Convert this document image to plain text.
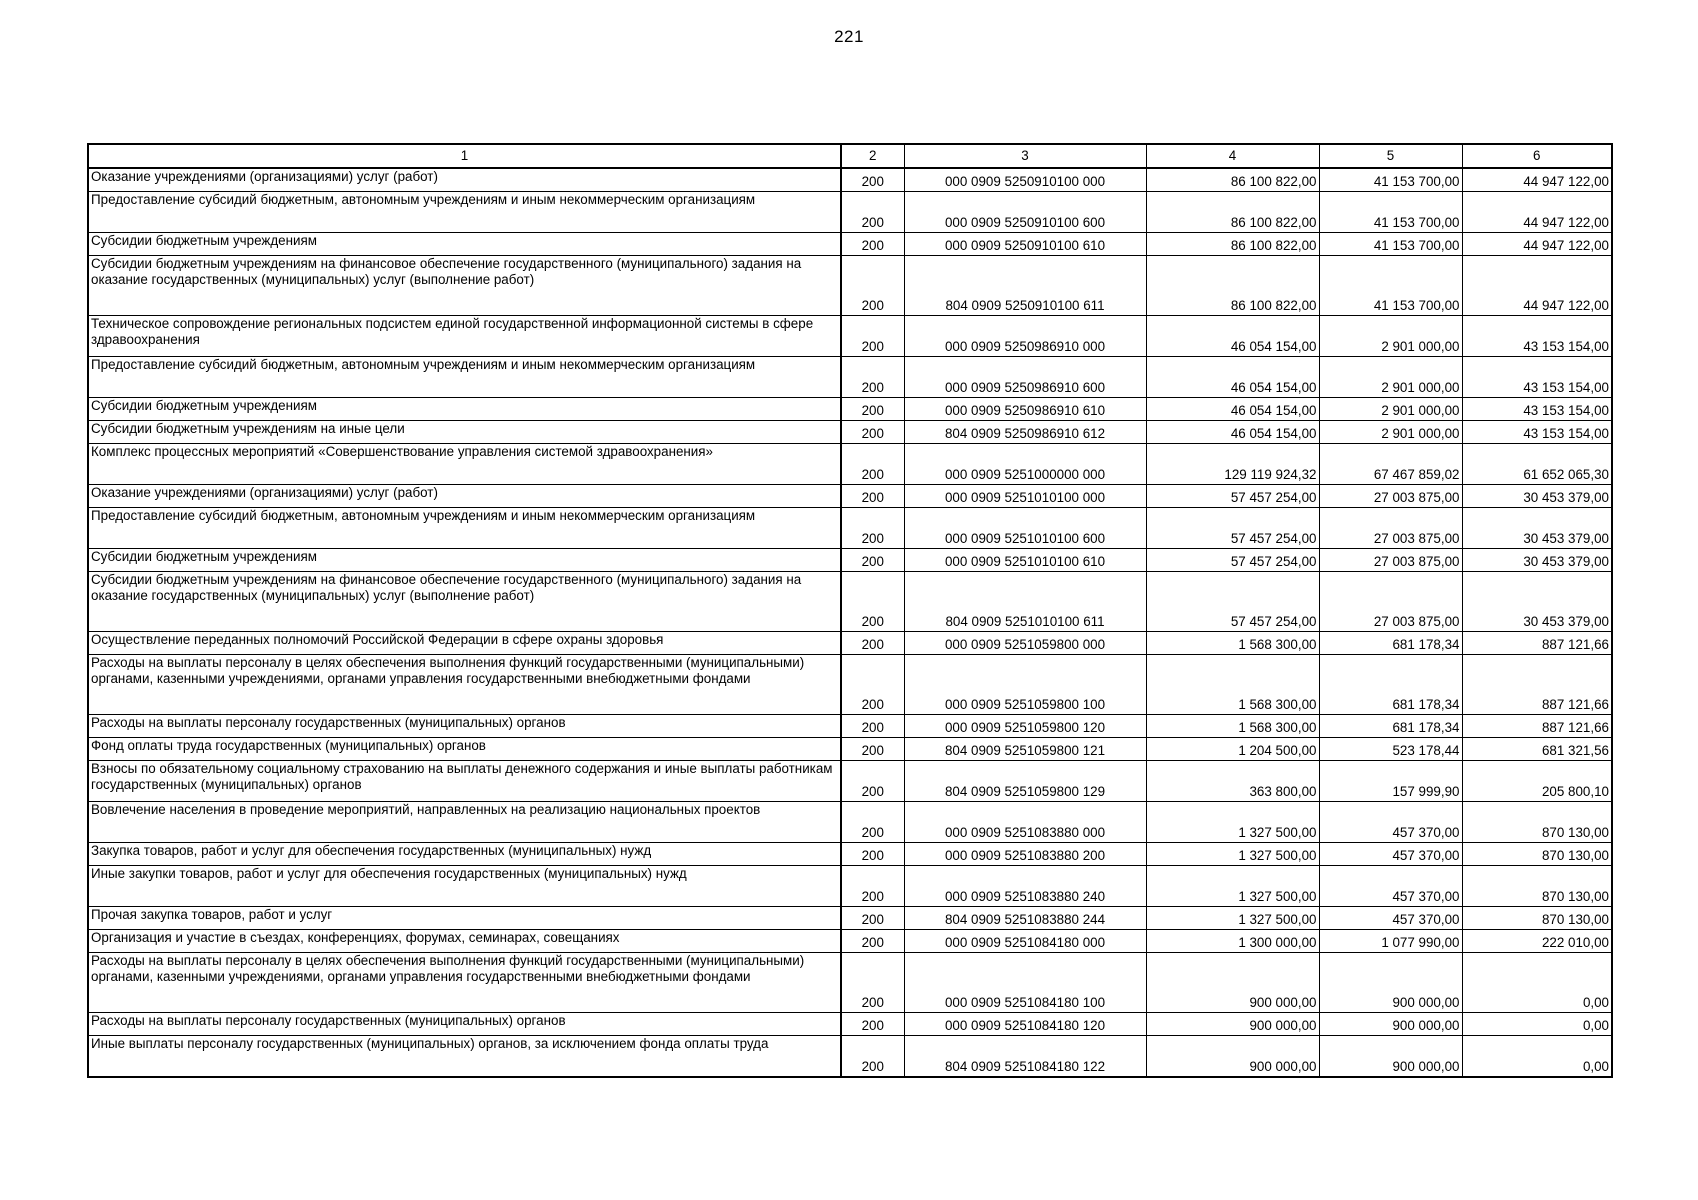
221
1	2	3	4	5	6
Оказание учреждениями (организациями) услуг (работ)	200	000 0909 5250910100 000	86 100 822,00	41 153 700,00	44 947 122,00
Предоставление субсидий бюджетным, автономным учреждениям и иным некоммерческим организациям	200	000 0909 5250910100 600	86 100 822,00	41 153 700,00	44 947 122,00
Субсидии бюджетным учреждениям	200	000 0909 5250910100 610	86 100 822,00	41 153 700,00	44 947 122,00
Субсидии бюджетным учреждениям на финансовое обеспечение государственного (муниципального) задания на оказание государственных (муниципальных) услуг (выполнение работ)	200	804 0909 5250910100 611	86 100 822,00	41 153 700,00	44 947 122,00
Техническое сопровождение региональных подсистем единой государственной информационной системы в сфере здравоохранения	200	000 0909 5250986910 000	46 054 154,00	2 901 000,00	43 153 154,00
Предоставление субсидий бюджетным, автономным учреждениям и иным некоммерческим организациям	200	000 0909 5250986910 600	46 054 154,00	2 901 000,00	43 153 154,00
Субсидии бюджетным учреждениям	200	000 0909 5250986910 610	46 054 154,00	2 901 000,00	43 153 154,00
Субсидии бюджетным учреждениям на иные цели	200	804 0909 5250986910 612	46 054 154,00	2 901 000,00	43 153 154,00
Комплекс процессных мероприятий «Совершенствование управления системой здравоохранения»	200	000 0909 5251000000 000	129 119 924,32	67 467 859,02	61 652 065,30
Оказание учреждениями (организациями) услуг (работ)	200	000 0909 5251010100 000	57 457 254,00	27 003 875,00	30 453 379,00
Предоставление субсидий бюджетным, автономным учреждениям и иным некоммерческим организациям	200	000 0909 5251010100 600	57 457 254,00	27 003 875,00	30 453 379,00
Субсидии бюджетным учреждениям	200	000 0909 5251010100 610	57 457 254,00	27 003 875,00	30 453 379,00
Субсидии бюджетным учреждениям на финансовое обеспечение государственного (муниципального) задания на оказание государственных (муниципальных) услуг (выполнение работ)	200	804 0909 5251010100 611	57 457 254,00	27 003 875,00	30 453 379,00
Осуществление переданных полномочий Российской Федерации в сфере охраны здоровья	200	000 0909 5251059800 000	1 568 300,00	681 178,34	887 121,66
Расходы на выплаты персоналу в целях обеспечения выполнения функций государственными (муниципальными) органами, казенными учреждениями, органами управления государственными внебюджетными фондами	200	000 0909 5251059800 100	1 568 300,00	681 178,34	887 121,66
Расходы на выплаты персоналу государственных (муниципальных) органов	200	000 0909 5251059800 120	1 568 300,00	681 178,34	887 121,66
Фонд оплаты труда государственных (муниципальных) органов	200	804 0909 5251059800 121	1 204 500,00	523 178,44	681 321,56
Взносы по обязательному социальному страхованию на выплаты денежного содержания и иные выплаты работникам государственных (муниципальных) органов	200	804 0909 5251059800 129	363 800,00	157 999,90	205 800,10
Вовлечение населения в проведение мероприятий, направленных на реализацию национальных проектов	200	000 0909 5251083880 000	1 327 500,00	457 370,00	870 130,00
Закупка товаров, работ и услуг для обеспечения государственных (муниципальных) нужд	200	000 0909 5251083880 200	1 327 500,00	457 370,00	870 130,00
Иные закупки товаров, работ и услуг для обеспечения государственных (муниципальных) нужд	200	000 0909 5251083880 240	1 327 500,00	457 370,00	870 130,00
Прочая закупка товаров, работ и услуг	200	804 0909 5251083880 244	1 327 500,00	457 370,00	870 130,00
Организация и участие в съездах, конференциях, форумах, семинарах, совещаниях	200	000 0909 5251084180 000	1 300 000,00	1 077 990,00	222 010,00
Расходы на выплаты персоналу в целях обеспечения выполнения функций государственными (муниципальными) органами, казенными учреждениями, органами управления государственными внебюджетными фондами	200	000 0909 5251084180 100	900 000,00	900 000,00	0,00
Расходы на выплаты персоналу государственных (муниципальных) органов	200	000 0909 5251084180 120	900 000,00	900 000,00	0,00
Иные выплаты персоналу государственных (муниципальных) органов, за исключением фонда оплаты труда	200	804 0909 5251084180 122	900 000,00	900 000,00	0,00
